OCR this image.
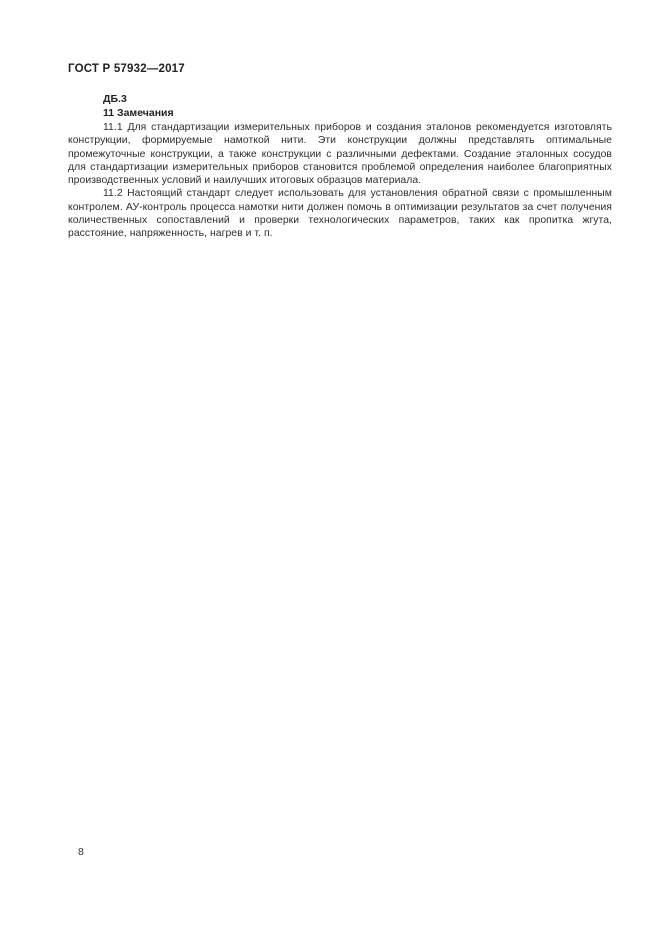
ГОСТ Р 57932—2017
ДБ.3
11 Замечания

11.1 Для стандартизации измерительных приборов и создания эталонов рекомендуется изготовлять конструкции, формируемые намоткой нити. Эти конструкции должны представлять оптимальные промежуточные конструкции, а также конструкции с различными дефектами. Создание эталонных сосудов для стандартизации измерительных приборов становится проблемой определения наиболее благоприятных производственных условий и наилучших итоговых образцов материала.

11.2 Настоящий стандарт следует использовать для установления обратной связи с промышленным контролем. АУ-контроль процесса намотки нити должен помочь в оптимизации результатов за счет получения количественных сопоставлений и проверки технологических параметров, таких как пропитка жгута, расстояние, напряженность, нагрев и т. п.

8
